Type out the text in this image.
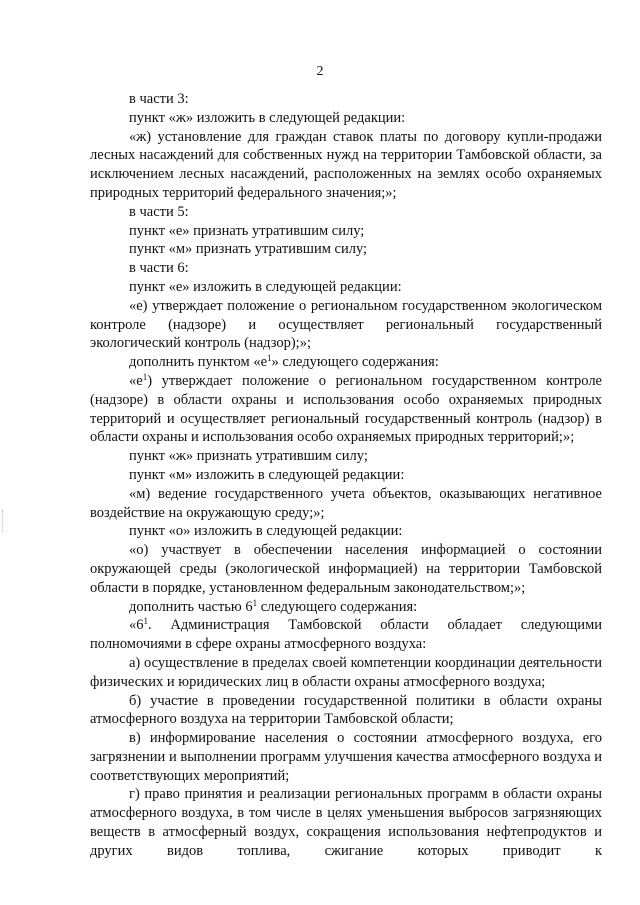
2

в части 3:

пункт «ж» изложить в следующей редакции:

«ж) установление для граждан ставок платы по договору купли-продажи лесных насаждений для собственных нужд на территории Тамбовской области, за исключением лесных насаждений, расположенных на землях особо охраняемых природных территорий федерального значения;»;

в части 5:

пункт «е» признать утратившим силу;

пункт «м» признать утратившим силу;

в части 6:

пункт «е» изложить в следующей редакции:

«е) утверждает положение о региональном государственном экологическом контроле (надзоре) и осуществляет региональный государственный экологический контроль (надзор);»;

дополнить пунктом «$е^1$» следующего содержания:

«$е^1$) утверждает положение о региональном государственном контроле (надзоре) в области охраны и использования особо охраняемых природных территорий и осуществляет региональный государственный контроль (надзор) в области охраны и использования особо охраняемых природных территорий;»;

пункт «ж» признать утратившим силу;

пункт «м» изложить в следующей редакции:

«м) ведение государственного учета объектов, оказывающих негативное воздействие на окружающую среду;»;

пункт «о» изложить в следующей редакции:

«о) участвует в обеспечении населения информацией о состоянии окружающей среды (экологической информацией) на территории Тамбовской области в порядке, установленном федеральным законодательством;»;

дополнить частью $6^1$ следующего содержания:

«$6^1$. Администрация Тамбовской области обладает следующими полномочиями в сфере охраны атмосферного воздуха:

а) осуществление в пределах своей компетенции координации деятельности физических и юридических лиц в области охраны атмосферного воздуха;

б) участие в проведении государственной политики в области охраны атмосферного воздуха на территории Тамбовской области;

в) информирование населения о состоянии атмосферного воздуха, его загрязнении и выполнении программ улучшения качества атмосферного воздуха и соответствующих мероприятий;

г) право принятия и реализации региональных программ в области охраны атмосферного воздуха, в том числе в целях уменьшения выбросов загрязняющих веществ в атмосферный воздух, сокращения использования нефтепродуктов и других видов топлива, сжигание которых приводит к
